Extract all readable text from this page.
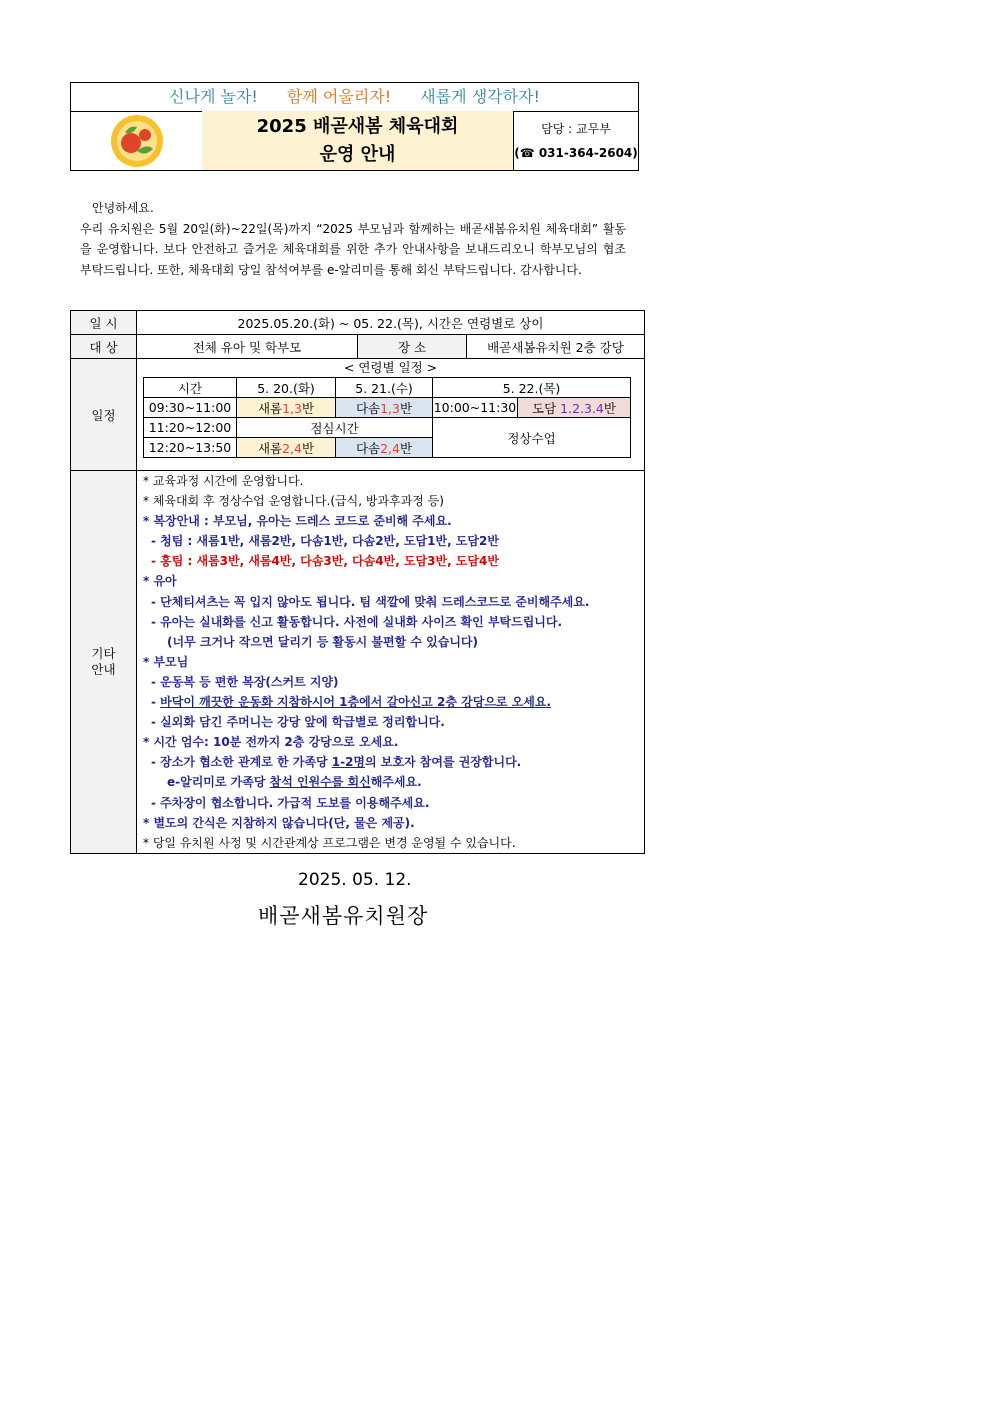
신나게 놀자! 함께 어울리자! 새롭게 생각하자!
2025 배곧새봄 체육대회
운영 안내
담당 : 교무부
(☎ 031-364-2604)

안녕하세요.

우리 유치원은 5월 20일(화)~22일(목)까지 “2025 부모님과 함께하는 배곧새봄유치원 체육대회” 활동을 운영합니다. 보다 안전하고 즐거운 체육대회를 위한 추가 안내사항을 보내드리오니 학부모님의 협조 부탁드립니다. 또한, 체육대회 당일 참석여부를 e-알리미를 통해 회신 부탁드립니다. 감사합니다.

일 시	2025.05.20.(화) ~ 05. 22.(목), 시간은 연령별로 상이
대 상	전체 유아 및 학부모	장 소	배곧새봄유치원 2층 강당
일정	
< 연령별 일정 >
시간	5. 20.(화)	5. 21.(수)	5. 22.(목)
09:30~11:00	새롬1,3반	다솜1,3반	10:00~11:30	도담 1.2.3.4반
11:20~12:00	점심시간	정상수업
12:20~13:50	새롬2,4반	다솜2,4반

기타
안내

* 교육과정 시간에 운영합니다.
* 체육대회 후 정상수업 운영합니다.(급식, 방과후과정 등)
* 복장안내 : 부모님, 유아는 드레스 코드로 준비해 주세요.
- 청팀 : 새롬1반, 새롬2반, 다솜1반, 다솜2반, 도담1반, 도담2반
- 홍팀 : 새롬3반, 새롬4반, 다솜3반, 다솜4반, 도담3반, 도담4반
* 유아
- 단체티셔츠는 꼭 입지 않아도 됩니다. 팀 색깔에 맞춰 드레스코드로 준비해주세요.
- 유아는 실내화를 신고 활동합니다. 사전에 실내화 사이즈 확인 부탁드립니다.
(너무 크거나 작으면 달리기 등 활동시 불편할 수 있습니다)
* 부모님
- 운동복 등 편한 복장(스커트 지양)
- 바닥이 깨끗한 운동화 지참하시어 1층에서 갈아신고 2층 강당으로 오세요.
- 실외화 담긴 주머니는 강당 앞에 학급별로 정리합니다.
* 시간 엄수: 10분 전까지 2층 강당으로 오세요.
- 장소가 협소한 관계로 한 가족당 1-2명의 보호자 참여를 권장합니다.
e-알리미로 가족당 참석 인원수를 회신해주세요.
- 주차장이 협소합니다. 가급적 도보를 이용해주세요.
* 별도의 간식은 지참하지 않습니다(단, 물은 제공).
* 당일 유치원 사정 및 시간관계상 프로그램은 변경 운영될 수 있습니다.
2025. 05. 12.
배곧새봄유치원장
